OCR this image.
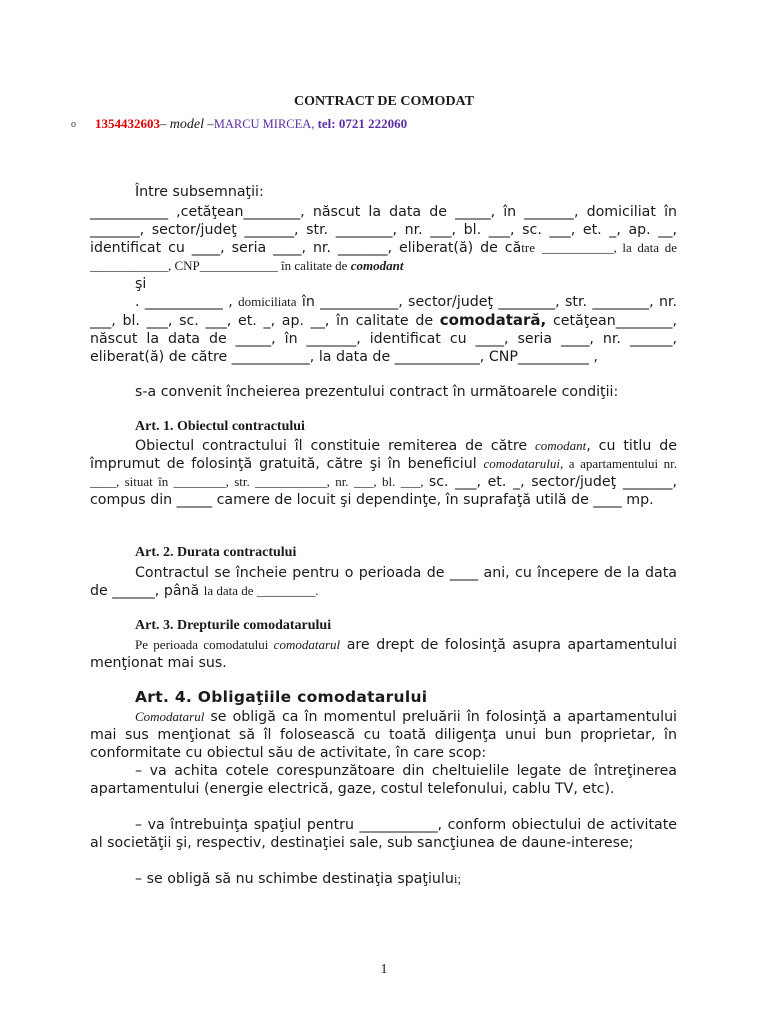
CONTRACT DE COMODAT
o 1354432603– model –MARCU MIRCEA, tel: 0721 222060
Între subsemnaţii:
___________ ,cetăţean________, născut la data de _____, în _______, domiciliat în _______, sector/judeţ _______, str. ________, nr. ___, bl. ___, sc. ___, et. _, ap. __, identificat cu ____, seria ____, nr. _______, eliberat(ă) de către ___________, la data de ____________, CNP____________ în calitate de comodant
şi
. ___________ , domiciliata în ___________, sector/judeţ ________, str. ________, nr. ___, bl. ___, sc. ___, et. _, ap. __, în calitate de comodatară, cetăţean________, născut la data de _____, în _______, identificat cu ____, seria ____, nr. ______, eliberat(ă) de către ___________, la data de ____________, CNP__________ ,
s-a convenit încheierea prezentului contract în următoarele condiţii:
Art. 1. Obiectul contractului
Obiectul contractului îl constituie remiterea de către comodant, cu titlu de împrumut de folosinţă gratuită, către şi în beneficiul comodatarului, a apartamentului nr. ____, situat în ________, str. ___________, nr. ___, bl. ___, sc. ___, et. _, sector/judeţ _______, compus din _____ camere de locuit şi dependinţe, în suprafaţă utilă de ____ mp.
Art. 2. Durata contractului
Contractul se încheie pentru o perioada de ____ ani, cu începere de la data de ______, până la data de _________.
Art. 3. Drepturile comodatarului
Pe perioada comodatului comodatarul are drept de folosinţă asupra apartamentului menţionat mai sus.
Art. 4. Obligaţiile comodatarului
Comodatarul se obligă ca în momentul preluării în folosinţă a apartamentului mai sus menţionat să îl folosească cu toată diligenţa unui bun proprietar, în conformitate cu obiectul său de activitate, în care scop:
– va achita cotele corespunzătoare din cheltuielile legate de întreţinerea apartamentului (energie electrică, gaze, costul telefonului, cablu TV, etc).
– va întrebuinţa spaţiul pentru ___________, conform obiectului de activitate al societăţii şi, respectiv, destinaţiei sale, sub sancţiunea de daune-interese;
– se obligă să nu schimbe destinaţia spaţiului;
1
